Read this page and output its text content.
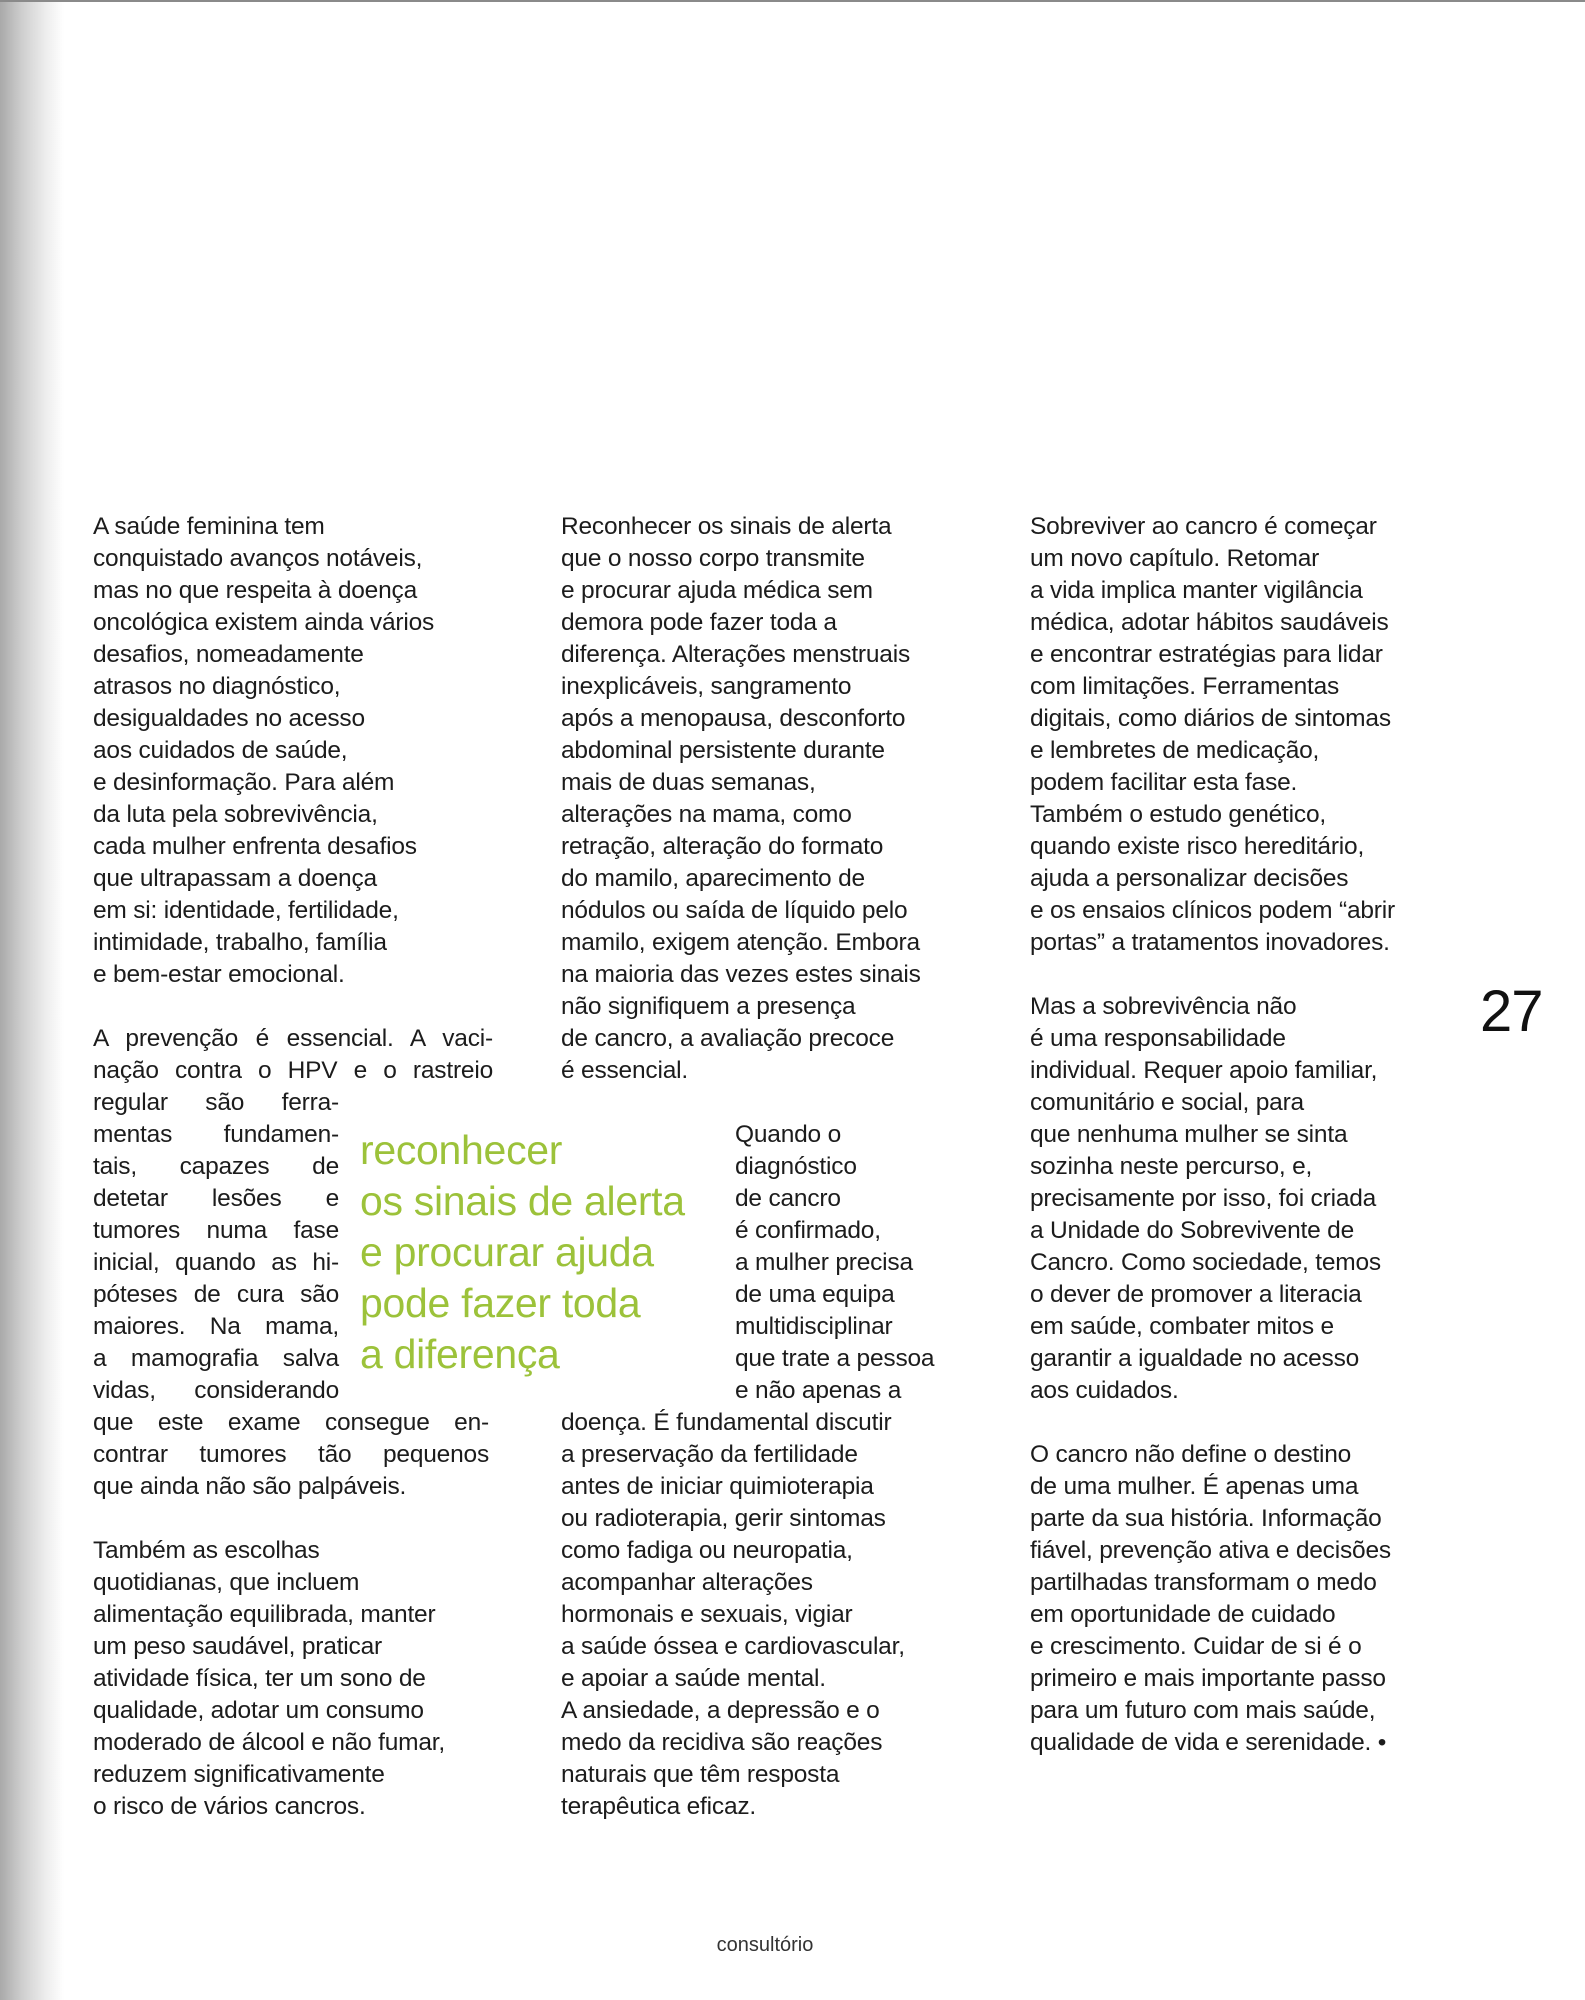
A saúde feminina tem
conquistado avanços notáveis,
mas no que respeita à doença
oncológica existem ainda vários
desafios, nomeadamente
atrasos no diagnóstico,
desigualdades no acesso
aos cuidados de saúde,
e desinformação. Para além
da luta pela sobrevivência,
cada mulher enfrenta desafios
que ultrapassam a doença
em si: identidade, fertilidade,
intimidade, trabalho, família
e bem-estar emocional.
A prevenção é essencial. A vaci-
nação contra o HPV e o rastreio
regular são ferra-
mentas fundamen-
tais, capazes de
detetar lesões e
tumores numa fase
inicial, quando as hi-
póteses de cura são
maiores. Na mama,
a mamografia salva
vidas, considerando
que este exame consegue en-
contrar tumores tão pequenos
que ainda não são palpáveis.
Também as escolhas
quotidianas, que incluem
alimentação equilibrada, manter
um peso saudável, praticar
atividade física, ter um sono de
qualidade, adotar um consumo
moderado de álcool e não fumar,
reduzem significativamente
o risco de vários cancros.
reconhecer
os sinais de alerta
e procurar ajuda
pode fazer toda
a diferença
Reconhecer os sinais de alerta
que o nosso corpo transmite
e procurar ajuda médica sem
demora pode fazer toda a
diferença. Alterações menstruais
inexplicáveis, sangramento
após a menopausa, desconforto
abdominal persistente durante
mais de duas semanas,
alterações na mama, como
retração, alteração do formato
do mamilo, aparecimento de
nódulos ou saída de líquido pelo
mamilo, exigem atenção. Embora
na maioria das vezes estes sinais
não signifiquem a presença
de cancro, a avaliação precoce
é essencial.
Quando o
diagnóstico
de cancro
é confirmado,
a mulher precisa
de uma equipa
multidisciplinar
que trate a pessoa
e não apenas a
doença. É fundamental discutir
a preservação da fertilidade
antes de iniciar quimioterapia
ou radioterapia, gerir sintomas
como fadiga ou neuropatia,
acompanhar alterações
hormonais e sexuais, vigiar
a saúde óssea e cardiovascular,
e apoiar a saúde mental.
A ansiedade, a depressão e o
medo da recidiva são reações
naturais que têm resposta
terapêutica eficaz.
Sobreviver ao cancro é começar
um novo capítulo. Retomar
a vida implica manter vigilância
médica, adotar hábitos saudáveis
e encontrar estratégias para lidar
com limitações. Ferramentas
digitais, como diários de sintomas
e lembretes de medicação,
podem facilitar esta fase.
Também o estudo genético,
quando existe risco hereditário,
ajuda a personalizar decisões
e os ensaios clínicos podem “abrir
portas” a tratamentos inovadores.
Mas a sobrevivência não
é uma responsabilidade
individual. Requer apoio familiar,
comunitário e social, para
que nenhuma mulher se sinta
sozinha neste percurso, e,
precisamente por isso, foi criada
a Unidade do Sobrevivente de
Cancro. Como sociedade, temos
o dever de promover a literacia
em saúde, combater mitos e
garantir a igualdade no acesso
aos cuidados.
O cancro não define o destino
de uma mulher. É apenas uma
parte da sua história. Informação
fiável, prevenção ativa e decisões
partilhadas transformam o medo
em oportunidade de cuidado
e crescimento. Cuidar de si é o
primeiro e mais importante passo
para um futuro com mais saúde,
qualidade de vida e serenidade. •
27
consultório
